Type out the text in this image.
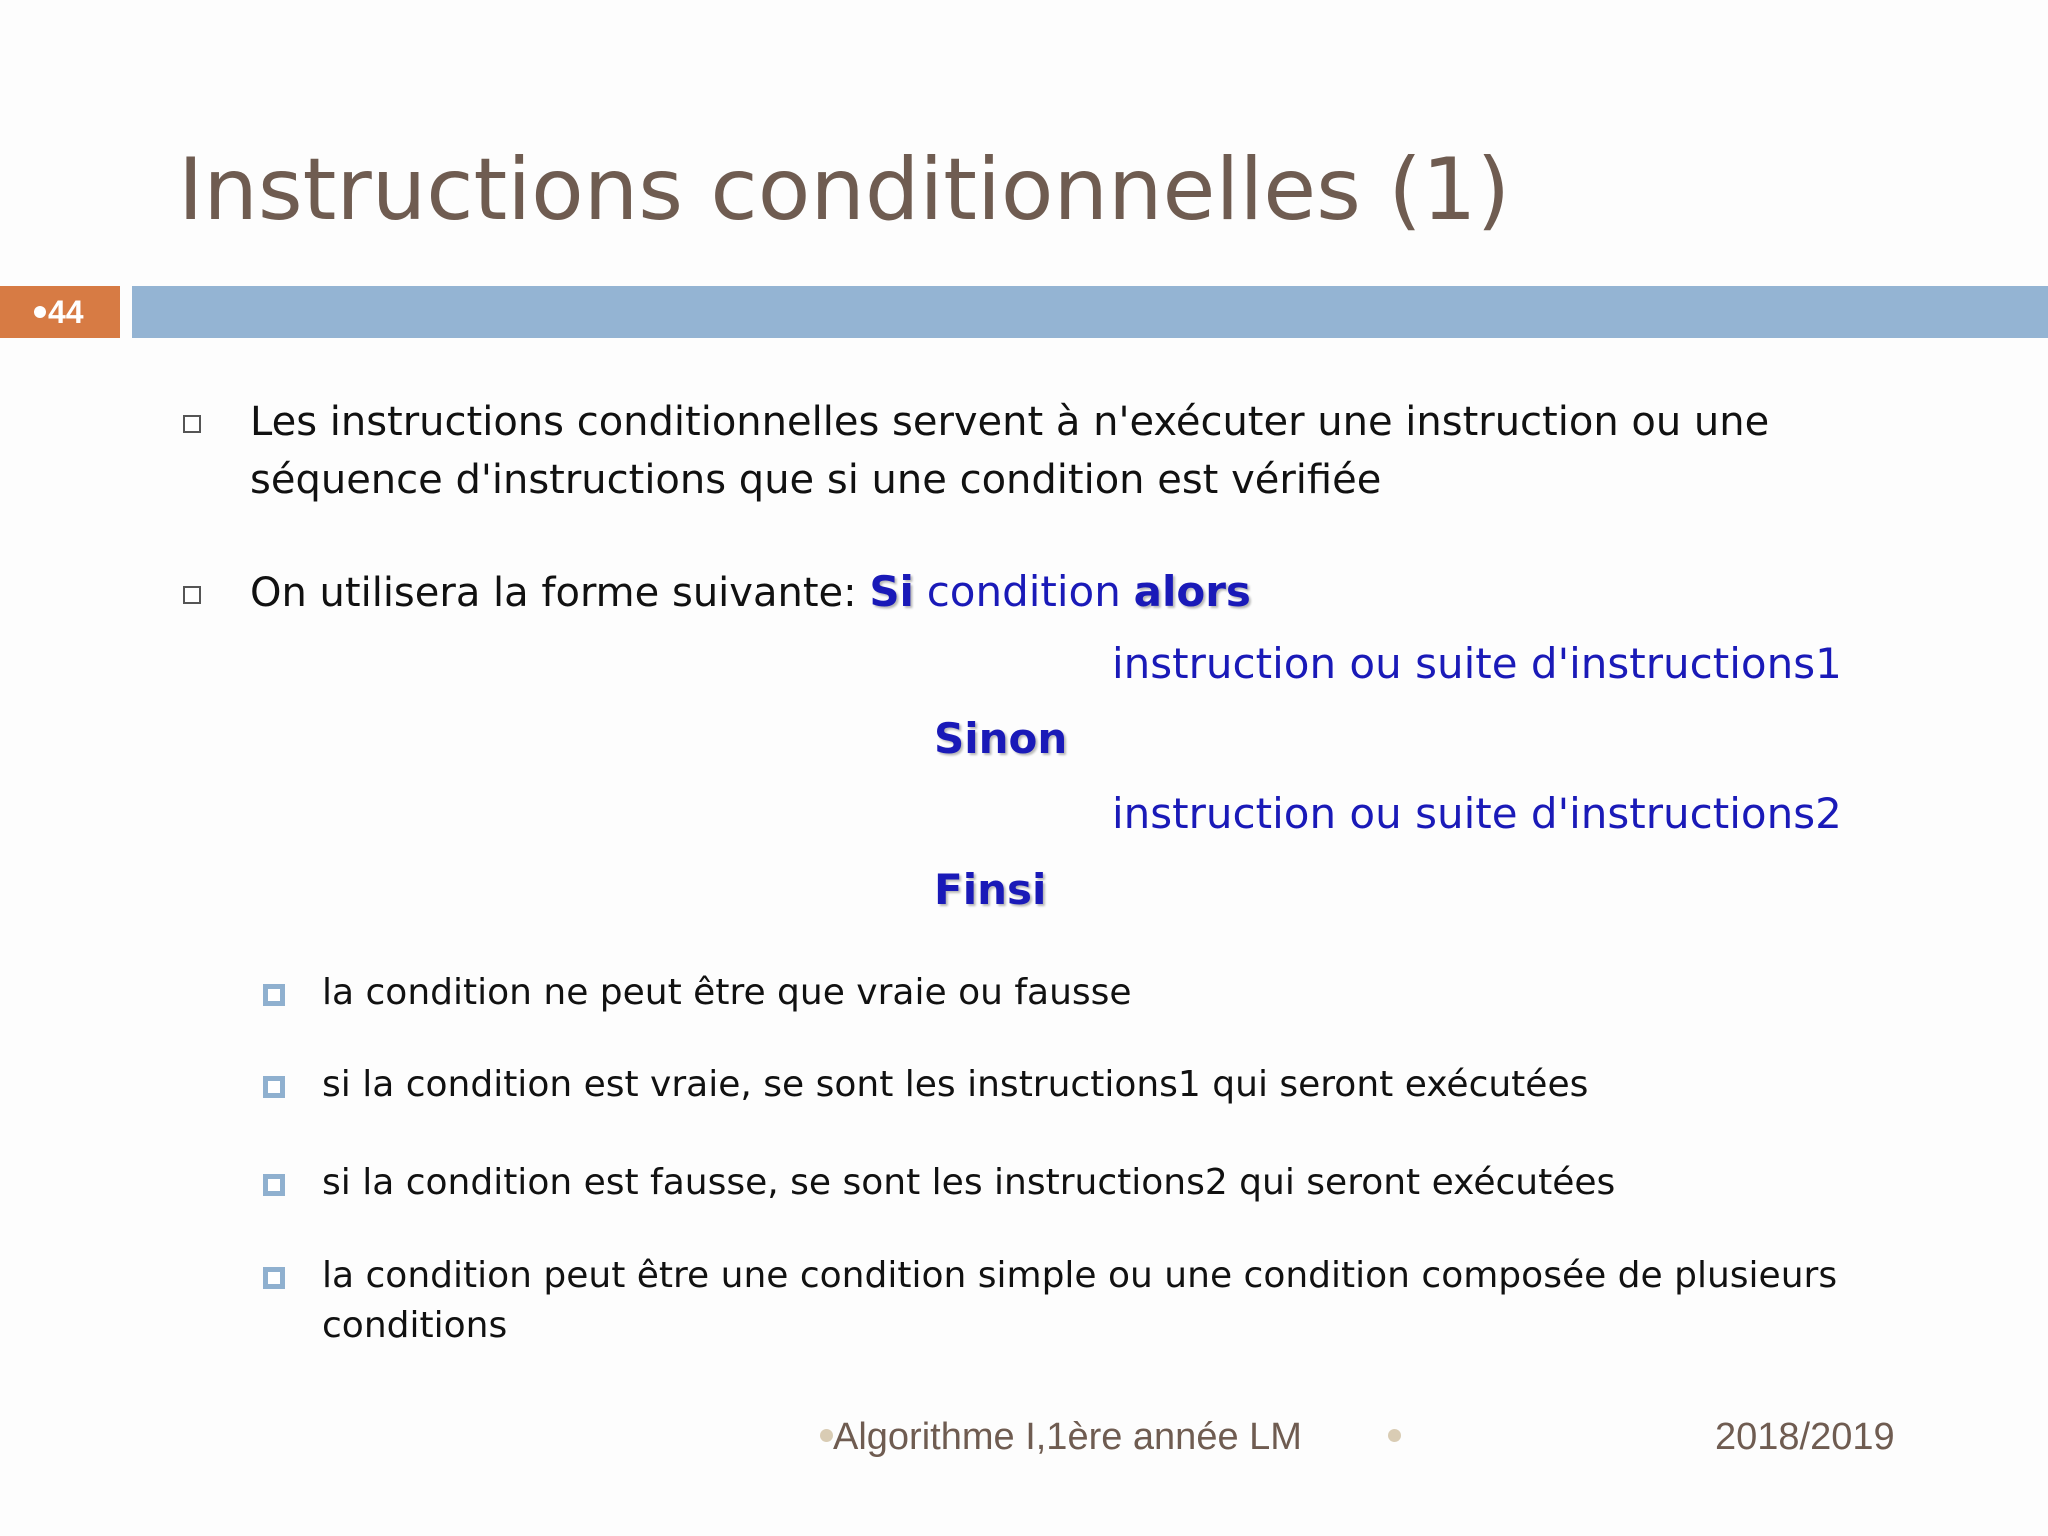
Instructions conditionnelles (1)
44
Les instructions conditionnelles servent à n'exécuter une instruction ou une
séquence d'instructions que si une condition est vérifiée
On utilisera la forme suivante: Si condition alors
instruction ou suite d'instructions1
Sinon
instruction ou suite d'instructions2
Finsi
la condition ne peut être que vraie ou fausse
si la condition est vraie, se sont les instructions1 qui seront exécutées
si la condition est fausse, se sont les instructions2 qui seront exécutées
la condition peut être une condition simple ou une condition composée de plusieurs
conditions
Algorithme I,1ère année LM	2018/2019
